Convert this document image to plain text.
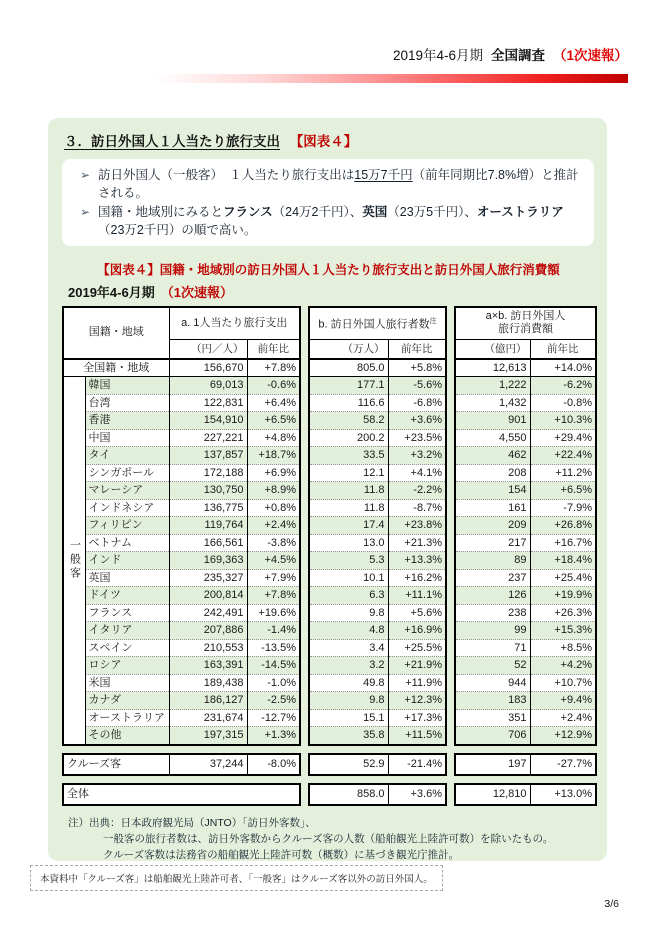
2019年4-6月期 全国調査 （1次速報）
３．訪日外国人１人当たり旅行支出 【図表４】
➢ 訪日外国人（一般客）　１人当たり旅行支出は15万7千円（前年同期比7.8%増）と推計される。
➢ 国籍・地域別にみるとフランス（24万2千円）、英国（23万5千円）、オーストラリア（23万2千円）の順で高い。
【図表４】国籍・地域別の訪日外国人１人当たり旅行支出と訪日外国人旅行消費額
2019年4-6月期 （1次速報）
国籍・地域		a. 1人当たり旅行支出			b. 訪日外国人旅行者数$^注$			a×b. 訪日外国人
旅行消費額	
		（円／人）	前年比		（万人）	前年比		（億円）	前年比
全国籍・地域		156,670	+7.8%		805.0	+5.8%		12,613	+14.0%

一般客	韓国	69,013	-0.6%		177.1	-5.6%		1,222	-6.2%
	台湾	122,831	+6.4%		116.6	-6.8%		1,432	-0.8%
	香港	154,910	+6.5%		58.2	+3.6%		901	+10.3%
	中国	227,221	+4.8%		200.2	+23.5%		4,550	+29.4%
	タイ	137,857	+18.7%		33.5	+3.2%		462	+22.4%
	シンガポール	172,188	+6.9%		12.1	+4.1%		208	+11.2%
	マレーシア	130,750	+8.9%		11.8	-2.2%		154	+6.5%
	インドネシア	136,775	+0.8%		11.8	-8.7%		161	-7.9%
	フィリピン	119,764	+2.4%		17.4	+23.8%		209	+26.8%
	ベトナム	166,561	-3.8%		13.0	+21.3%		217	+16.7%
	インド	169,363	+4.5%		5.3	+13.3%		89	+18.4%
	英国	235,327	+7.9%		10.1	+16.2%		237	+25.4%
	ドイツ	200,814	+7.8%		6.3	+11.1%		126	+19.9%
	フランス	242,491	+19.6%		9.8	+5.6%		238	+26.3%
	イタリア	207,886	-1.4%		4.8	+16.9%		99	+15.3%
	スペイン	210,553	-13.5%		3.4	+25.5%		71	+8.5%
	ロシア	163,391	-14.5%		3.2	+21.9%		52	+4.2%
	米国	189,438	-1.0%		49.8	+11.9%		944	+10.7%
	カナダ	186,127	-2.5%		9.8	+12.3%		183	+9.4%
	オーストラリア	231,674	-12.7%		15.1	+17.3%		351	+2.4%
	その他	197,315	+1.3%		35.8	+11.5%		706	+12.9%
クルーズ客	37,244	-8.0%		52.9	-21.4%		197	-27.7%
全体		858.0	+3.6%		12,810	+13.0%
注）出典：日本政府観光局（JNTO）「訪日外客数」、
一般客の旅行者数は、訪日外客数からクルーズ客の人数（船舶観光上陸許可数）を除いたもの。
クルーズ客数は法務省の船舶観光上陸許可数（概数）に基づき観光庁推計。
本資料中「クルーズ客」は船舶観光上陸許可者、「一般客」はクルーズ客以外の訪日外国人。
3/6
